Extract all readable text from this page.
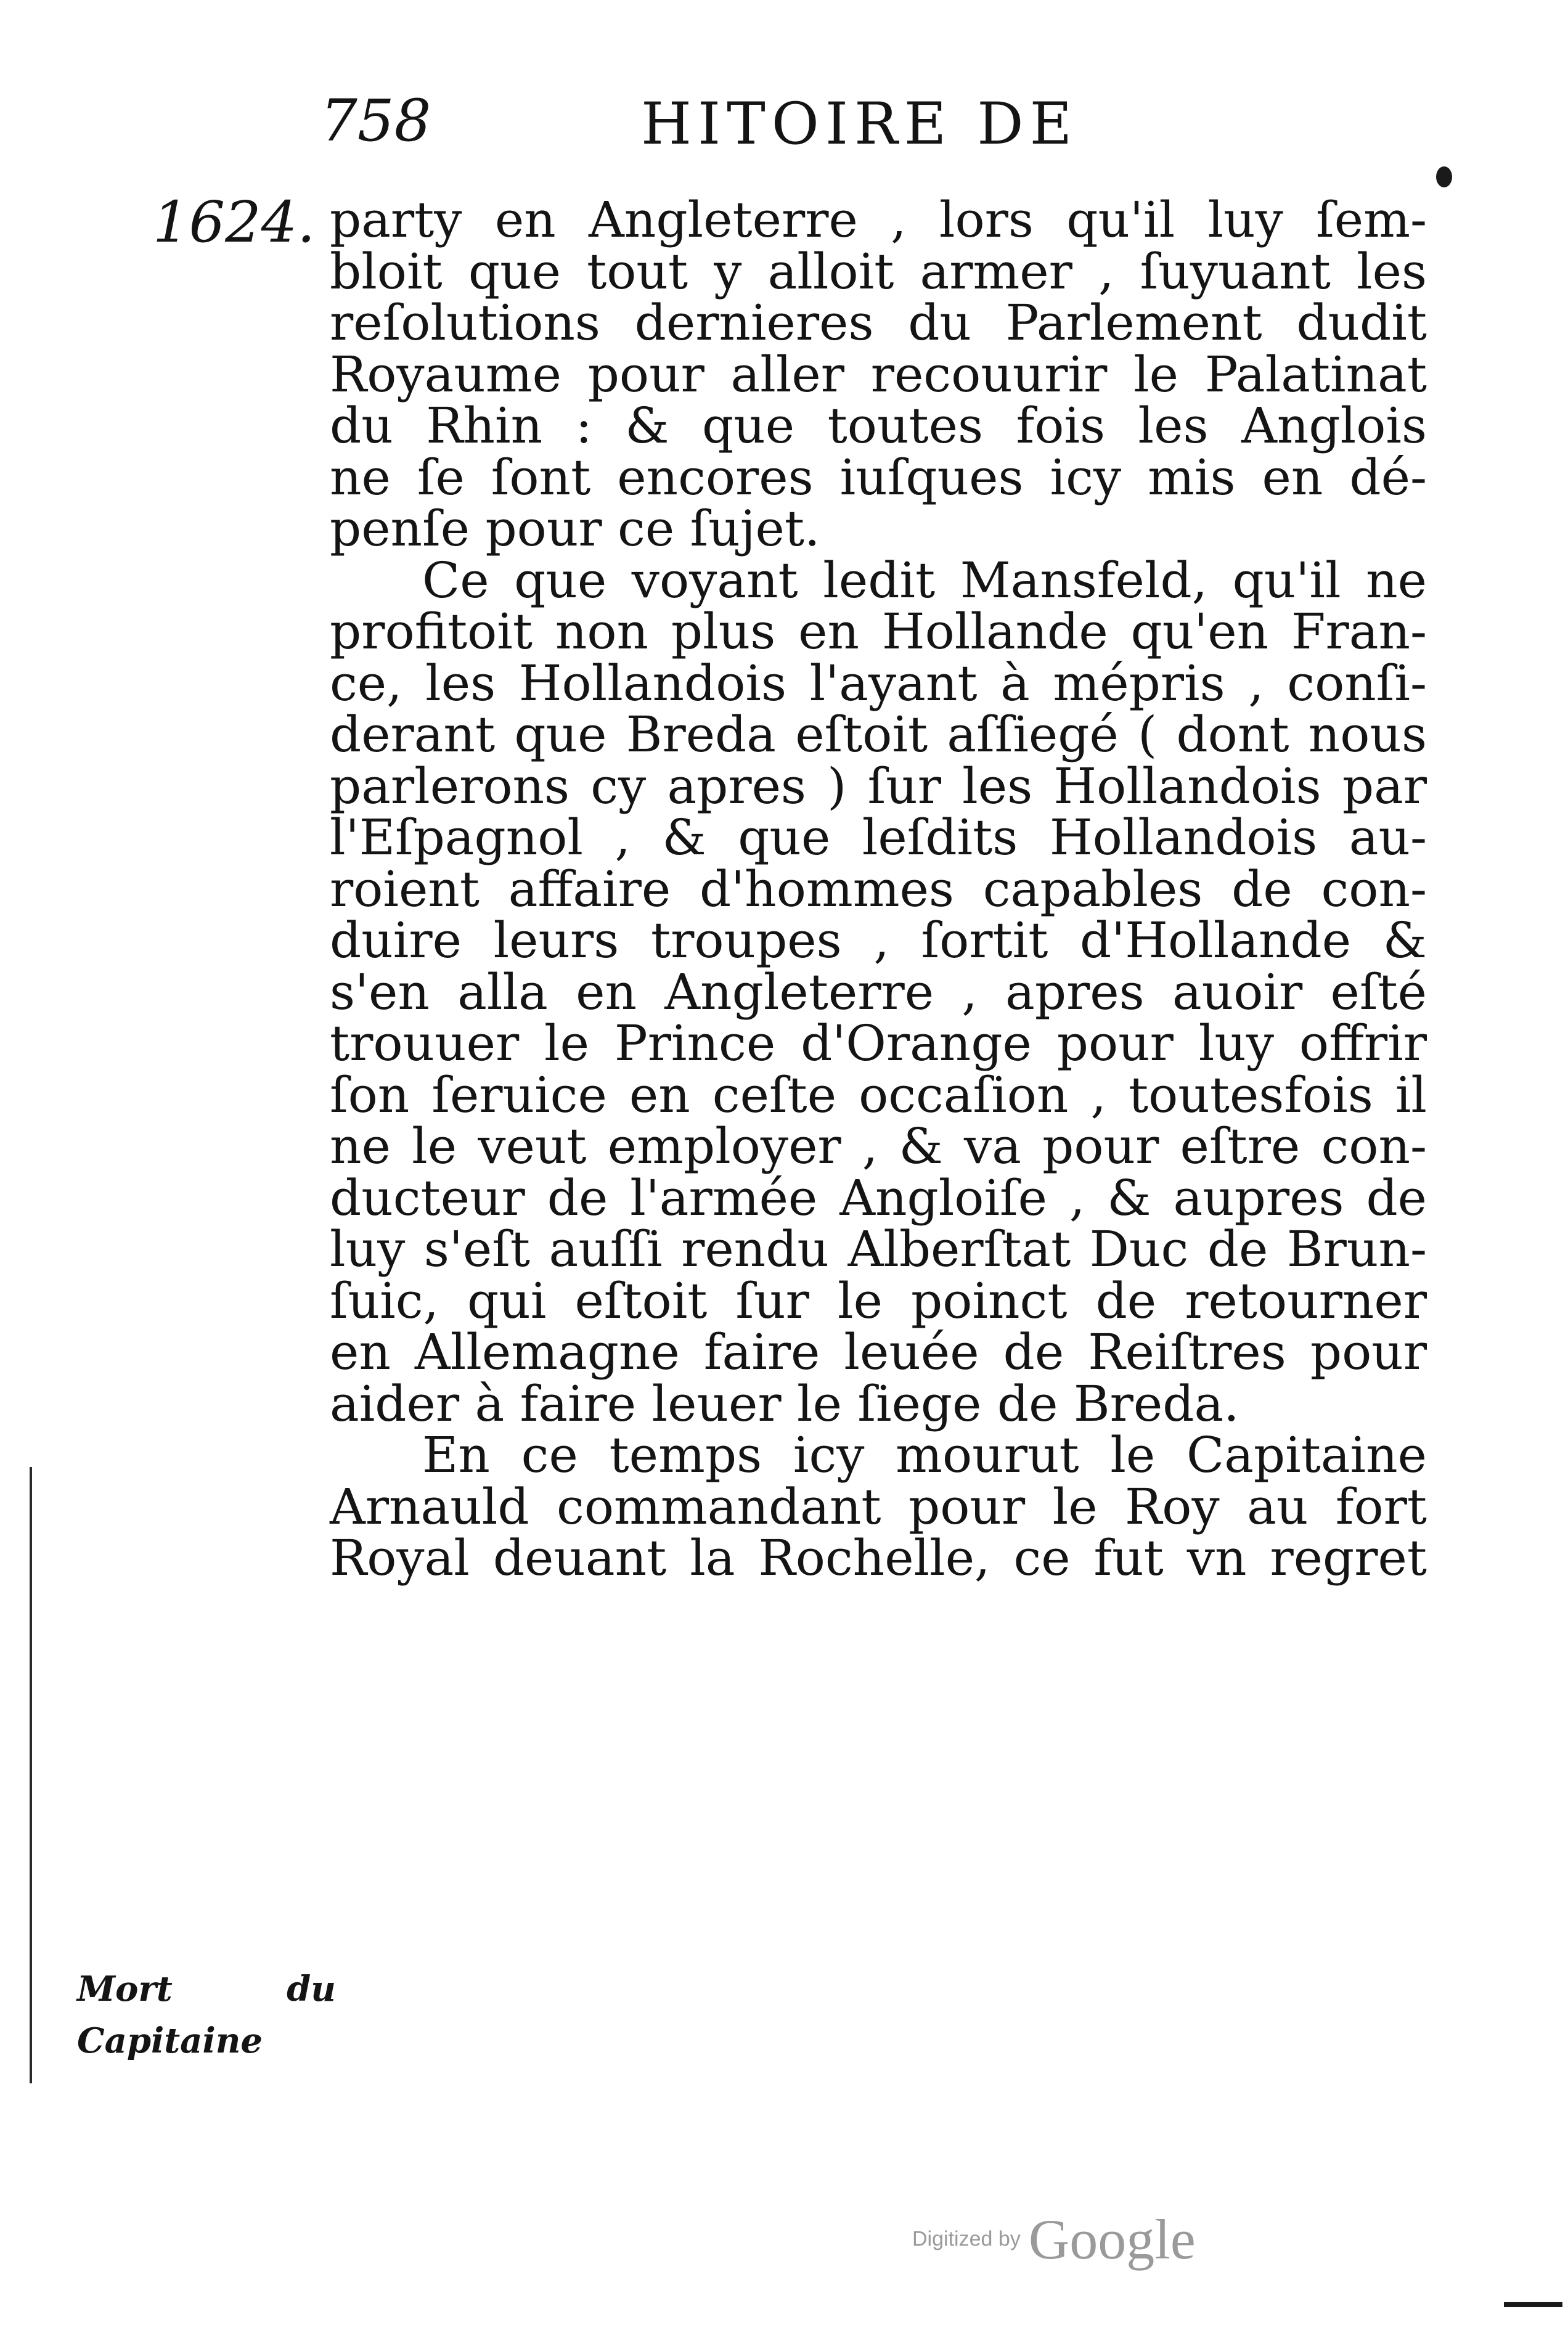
758	HITOIRE DE
1624. party en Angleterre , lors qu'il luy ſem-
bloit que tout y alloit armer , ſuyuant les
reſolutions dernieres du Parlement dudit
Royaume pour aller recouurir le Palatinat
du Rhin : & que toutes fois les Anglois
ne ſe ſont encores iuſques icy mis en dé-
penſe pour ce ſujet.
Ce que voyant ledit Mansfeld, qu'il ne
profitoit non plus en Hollande qu'en Fran-
ce, les Hollandois l'ayant à mépris , conſi-
derant que Breda eſtoit aſſiegé ( dont nous
parlerons cy apres ) ſur les Hollandois par
l'Eſpagnol , & que leſdits Hollandois au-
roient affaire d'hommes capables de con-
duire leurs troupes , ſortit d'Hollande &
s'en alla en Angleterre , apres auoir eſté
trouuer le Prince d'Orange pour luy offrir
ſon ſeruice en ceſte occaſion , toutesfois il
ne le veut employer , & va pour eſtre con-
ducteur de l'armée Angloiſe , & aupres de
luy s'eſt auſſi rendu Alberſtat Duc de Brun-
ſuic, qui eſtoit ſur le poinct de retourner
en Allemagne faire leuée de Reiſtres pour
aider à faire leuer le ſiege de Breda.
En ce temps icy mourut le Capitaine
Arnauld commandant pour le Roy au fort
Royal deuant la Rochelle, ce fut vn regret
Mort du
Capitaine
Digitized by Google
